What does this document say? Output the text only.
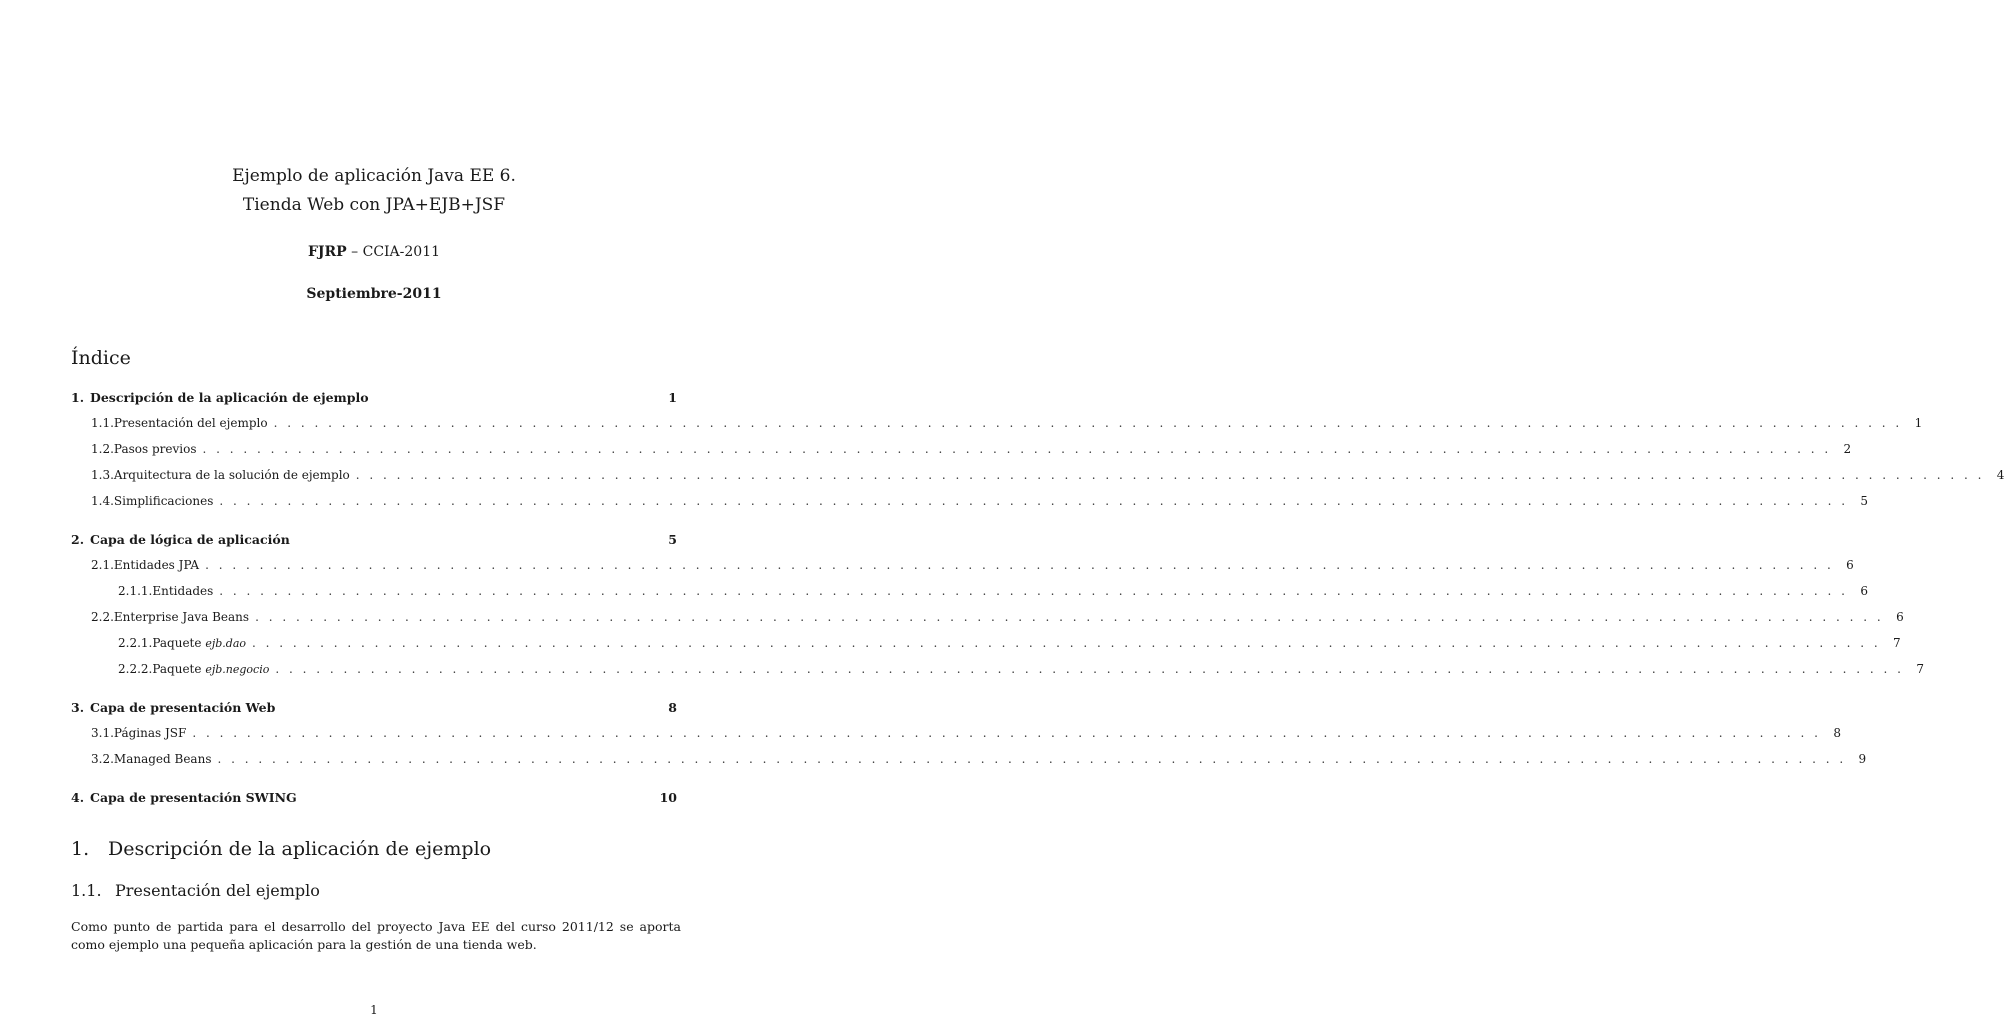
Ejemplo de aplicación Java EE 6.
Tienda Web con JPA+EJB+JSF
FJRP – CCIA-2011
Septiembre-2011
Índice
1. Descripción de la aplicación de ejemplo	1
1.1. Presentación del ejemplo . . . . . . . . . . . . . . . . . . . . . . . . . . . . . . . . . . . . . . . . . . . . . . . . . . . . . . . . . . . . . . . . . . . . . . . . . . . . . . . . . . . . . . . . . . . . . . . . . . . . . . . . . . . . . . . . . . . . . . . .	1
1.2. Pasos previos . . . . . . . . . . . . . . . . . . . . . . . . . . . . . . . . . . . . . . . . . . . . . . . . . . . . . . . . . . . . . . . . . . . . . . . . . . . . . . . . . . . . . . . . . . . . . . . . . . . . . . . . . . . . . . . . . . . . . . . .	2
1.3. Arquitectura de la solución de ejemplo . . . . . . . . . . . . . . . . . . . . . . . . . . . . . . . . . . . . . . . . . . . . . . . . . . . . . . . . . . . . . . . . . . . . . . . . . . . . . . . . . . . . . . . . . . . . . . . . . . . . . . . . . . . . . . . . . . . . . . . .	4
1.4. Simplificaciones . . . . . . . . . . . . . . . . . . . . . . . . . . . . . . . . . . . . . . . . . . . . . . . . . . . . . . . . . . . . . . . . . . . . . . . . . . . . . . . . . . . . . . . . . . . . . . . . . . . . . . . . . . . . . . . . . . . . . . . .	5
2. Capa de lógica de aplicación	5
2.1. Entidades JPA . . . . . . . . . . . . . . . . . . . . . . . . . . . . . . . . . . . . . . . . . . . . . . . . . . . . . . . . . . . . . . . . . . . . . . . . . . . . . . . . . . . . . . . . . . . . . . . . . . . . . . . . . . . . . . . . . . . . . . . .	6
2.1.1. Entidades . . . . . . . . . . . . . . . . . . . . . . . . . . . . . . . . . . . . . . . . . . . . . . . . . . . . . . . . . . . . . . . . . . . . . . . . . . . . . . . . . . . . . . . . . . . . . . . . . . . . . . . . . . . . . . . . . . . . . . . .	6
2.2. Enterprise Java Beans . . . . . . . . . . . . . . . . . . . . . . . . . . . . . . . . . . . . . . . . . . . . . . . . . . . . . . . . . . . . . . . . . . . . . . . . . . . . . . . . . . . . . . . . . . . . . . . . . . . . . . . . . . . . . . . . . . . . . . . .	6
2.2.1. Paquete
ejb.dao . . . . . . . . . . . . . . . . . . . . . . . . . . . . . . . . . . . . . . . . . . . . . . . . . . . . . . . . . . . . . . . . . . . . . . . . . . . . . . . . . . . . . . . . . . . . . . . . . . . . . . . . . . . . . . . . . . . . . . . .	7
2.2.2. Paquete
ejb.negocio . . . . . . . . . . . . . . . . . . . . . . . . . . . . . . . . . . . . . . . . . . . . . . . . . . . . . . . . . . . . . . . . . . . . . . . . . . . . . . . . . . . . . . . . . . . . . . . . . . . . . . . . . . . . . . . . . . . . . . . .	7
3. Capa de presentación Web	8
3.1. Páginas JSF . . . . . . . . . . . . . . . . . . . . . . . . . . . . . . . . . . . . . . . . . . . . . . . . . . . . . . . . . . . . . . . . . . . . . . . . . . . . . . . . . . . . . . . . . . . . . . . . . . . . . . . . . . . . . . . . . . . . . . . .	8
3.2. Managed Beans . . . . . . . . . . . . . . . . . . . . . . . . . . . . . . . . . . . . . . . . . . . . . . . . . . . . . . . . . . . . . . . . . . . . . . . . . . . . . . . . . . . . . . . . . . . . . . . . . . . . . . . . . . . . . . . . . . . . . . . .	9
4. Capa de presentación SWING	10
1. Descripción de la aplicación de ejemplo
1.1. Presentación del ejemplo
Como punto de partida para el desarrollo del proyecto Java EE del curso 2011/12 se aporta como ejemplo una pequeña aplicación para la gestión de una tienda web.
1
